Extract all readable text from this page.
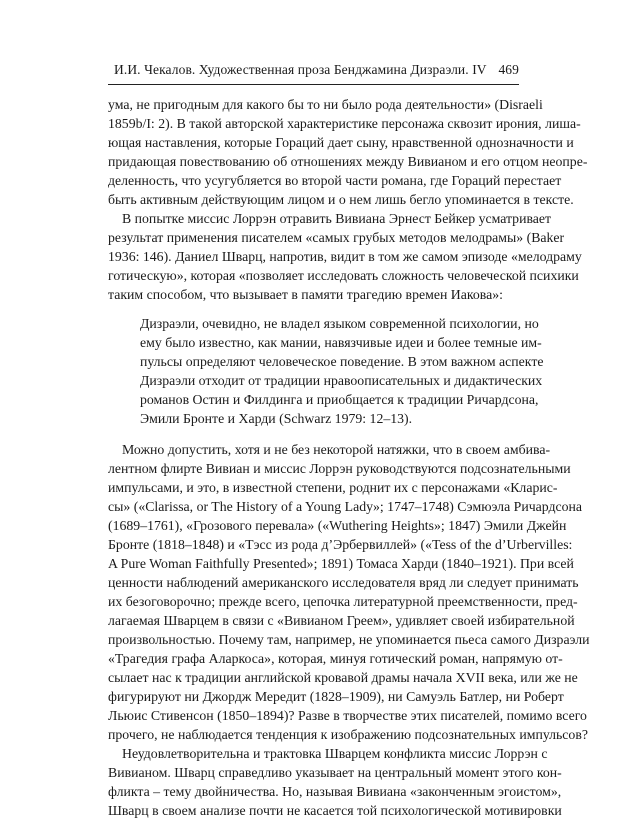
И.И. Чекалов. Художественная проза Бенджамина Дизраэли. IV 469
ума, не пригодным для какого бы то ни было рода деятельности» (Disraeli
1859b/I: 2). В такой авторской характеристике персонажа сквозит ирония, лиша-
ющая наставления, которые Гораций дает сыну, нравственной однозначности и
придающая повествованию об отношениях между Вивианом и его отцом неопре-
деленность, что усугубляется во второй части романа, где Гораций перестает
быть активным действующим лицом и о нем лишь бегло упоминается в тексте.
В попытке миссис Лоррэн отравить Вивиана Эрнест Бейкер усматривает
результат применения писателем «самых грубых методов мелодрамы» (Baker
1936: 146). Даниел Шварц, напротив, видит в том же самом эпизоде «мелодраму
готическую», которая «позволяет исследовать сложность человеческой психики
таким способом, что вызывает в памяти трагедию времен Иакова»:
Дизраэли, очевидно, не владел языком современной психологии, но
ему было известно, как мании, навязчивые идеи и более темные им-
пульсы определяют человеческое поведение. В этом важном аспекте
Дизраэли отходит от традиции нравоописательных и дидактических
романов Остин и Филдинга и приобщается к традиции Ричардсона,
Эмили Бронте и Харди (Schwarz 1979: 12–13).
Можно допустить, хотя и не без некоторой натяжки, что в своем амбива-
лентном флирте Вивиан и миссис Лоррэн руководствуются подсознательными
импульсами, и это, в известной степени, роднит их с персонажами «Кларис-
сы» («Clarissa, or The History of a Young Lady»; 1747–1748) Сэмюэла Ричардсона
(1689–1761), «Грозового перевала» («Wuthering Heights»; 1847) Эмили Джейн
Бронте (1818–1848) и «Тэсс из рода д’Эрбервиллей» («Tess of the d’Urbervilles:
A Pure Woman Faithfully Presented»; 1891) Томаса Харди (1840–1921). При всей
ценности наблюдений американского исследователя вряд ли следует принимать
их безоговорочно; прежде всего, цепочка литературной преемственности, пред-
лагаемая Шварцем в связи с «Вивианом Греем», удивляет своей избирательной
произвольностью. Почему там, например, не упоминается пьеса самого Дизраэли
«Трагедия графа Аларкоса», которая, минуя готический роман, напрямую от-
сылает нас к традиции английской кровавой драмы начала XVII века, или же не
фигурируют ни Джордж Мередит (1828–1909), ни Самуэль Батлер, ни Роберт
Льюис Стивенсон (1850–1894)? Разве в творчестве этих писателей, помимо всего
прочего, не наблюдается тенденция к изображению подсознательных импульсов?
Неудовлетворительна и трактовка Шварцем конфликта миссис Лоррэн с
Вивианом. Шварц справедливо указывает на центральный момент этого кон-
фликта – тему двойничества. Но, называя Вивиана «законченным эгоистом»,
Шварц в своем анализе почти не касается той психологической мотивировки
